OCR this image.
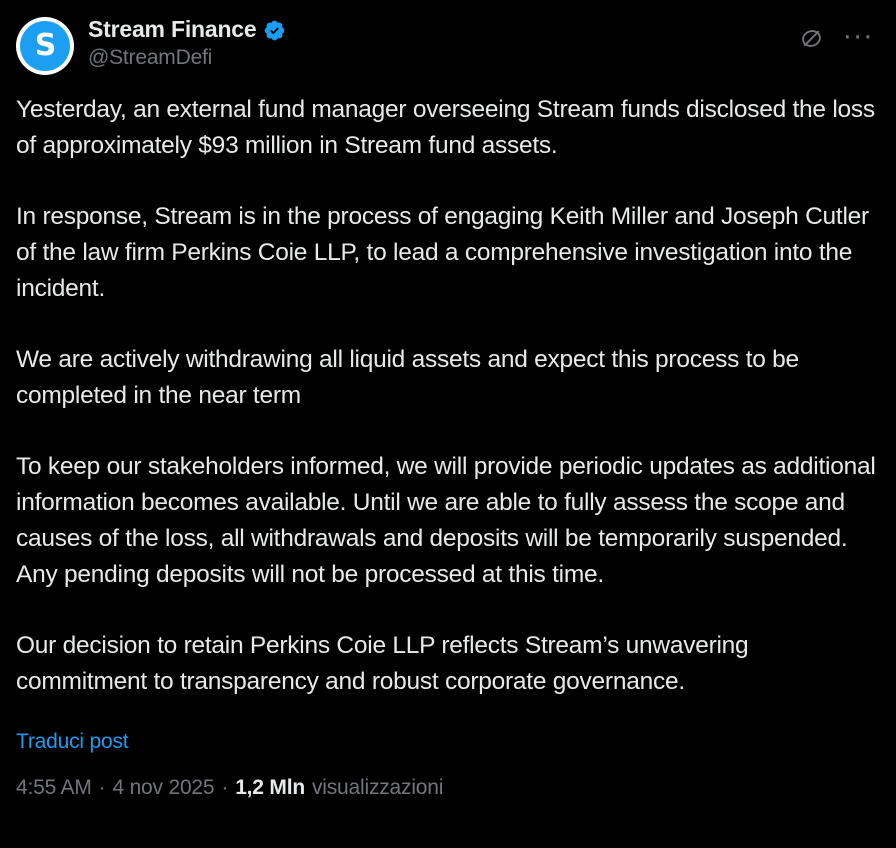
S Stream Finance
@StreamDefi
···

Yesterday, an external fund manager overseeing Stream funds disclosed the loss of approximately $93 million in Stream fund assets.

In response, Stream is in the process of engaging Keith Miller and Joseph Cutler of the law firm Perkins Coie LLP, to lead a comprehensive investigation into the incident.

We are actively withdrawing all liquid assets and expect this process to be completed in the near term

To keep our stakeholders informed, we will provide periodic updates as additional information becomes available. Until we are able to fully assess the scope and causes of the loss, all withdrawals and deposits will be temporarily suspended. Any pending deposits will not be processed at this time.

Our decision to retain Perkins Coie LLP reflects Stream’s unwavering commitment to transparency and robust corporate governance.

Traduci post
4:55 AM · 4 nov 2025 · 1,2 Mln visualizzazioni
